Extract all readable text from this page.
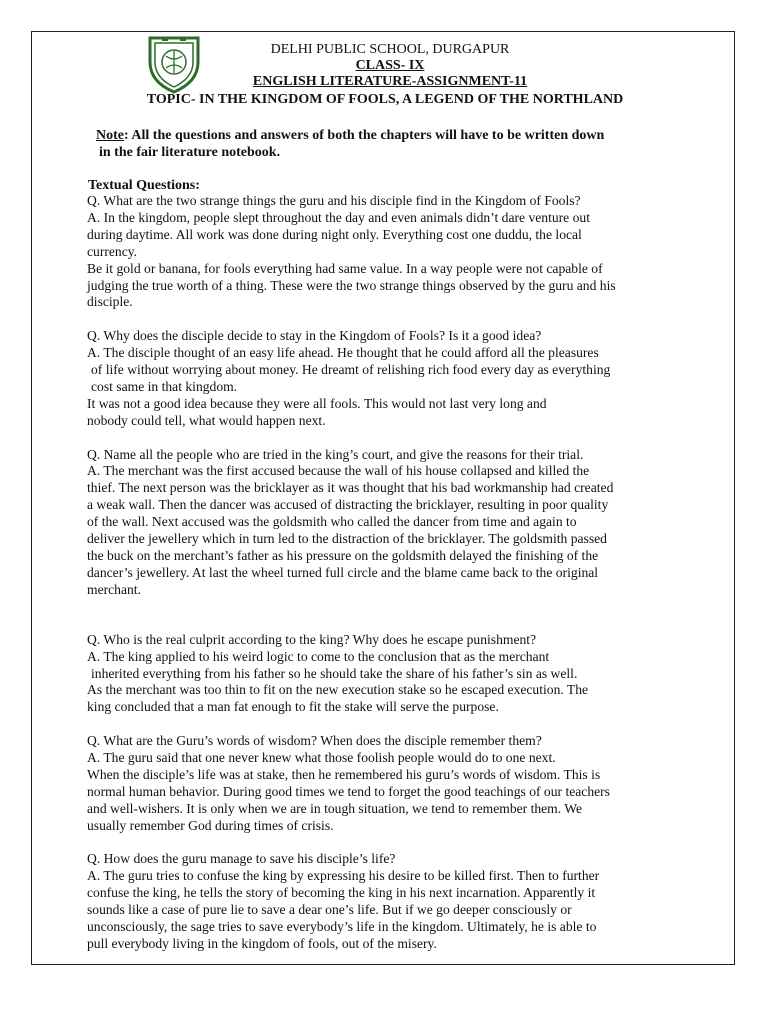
DELHI PUBLIC SCHOOL, DURGAPUR
CLASS- IX
ENGLISH LITERATURE-ASSIGNMENT-11
TOPIC- IN THE KINGDOM OF FOOLS, A LEGEND OF THE NORTHLAND
Note: All the questions and answers of both the chapters will have to be written down
in the fair literature notebook.
Textual Questions:
Q. What are the two strange things the guru and his disciple find in the Kingdom of Fools?
A. In the kingdom, people slept throughout the day and even animals didn’t dare venture out
during daytime. All work was done during night only. Everything cost one duddu, the local
currency.
Be it gold or banana, for fools everything had same value. In a way people were not capable of
judging the true worth of a thing. These were the two strange things observed by the guru and his
disciple.
Q. Why does the disciple decide to stay in the Kingdom of Fools? Is it a good idea?
A. The disciple thought of an easy life ahead. He thought that he could afford all the pleasures
of life without worrying about money. He dreamt of relishing rich food every day as everything
cost same in that kingdom.
It was not a good idea because they were all fools. This would not last very long and
nobody could tell, what would happen next.
Q. Name all the people who are tried in the king’s court, and give the reasons for their trial.
A. The merchant was the first accused because the wall of his house collapsed and killed the
thief. The next person was the bricklayer as it was thought that his bad workmanship had created
a weak wall. Then the dancer was accused of distracting the bricklayer, resulting in poor quality
of the wall. Next accused was the goldsmith who called the dancer from time and again to
deliver the jewellery which in turn led to the distraction of the bricklayer. The goldsmith passed
the buck on the merchant’s father as his pressure on the goldsmith delayed the finishing of the
dancer’s jewellery. At last the wheel turned full circle and the blame came back to the original
merchant.
Q. Who is the real culprit according to the king? Why does he escape punishment?
A. The king applied to his weird logic to come to the conclusion that as the merchant
inherited everything from his father so he should take the share of his father’s sin as well.
As the merchant was too thin to fit on the new execution stake so he escaped execution. The
king concluded that a man fat enough to fit the stake will serve the purpose.
Q. What are the Guru’s words of wisdom? When does the disciple remember them?
A. The guru said that one never knew what those foolish people would do to one next.
When the disciple’s life was at stake, then he remembered his guru’s words of wisdom. This is
normal human behavior. During good times we tend to forget the good teachings of our teachers
and well-wishers. It is only when we are in tough situation, we tend to remember them. We
usually remember God during times of crisis.
Q. How does the guru manage to save his disciple’s life?
A. The guru tries to confuse the king by expressing his desire to be killed first. Then to further
confuse the king, he tells the story of becoming the king in his next incarnation. Apparently it
sounds like a case of pure lie to save a dear one’s life. But if we go deeper consciously or
unconsciously, the sage tries to save everybody’s life in the kingdom. Ultimately, he is able to
pull everybody living in the kingdom of fools, out of the misery.
